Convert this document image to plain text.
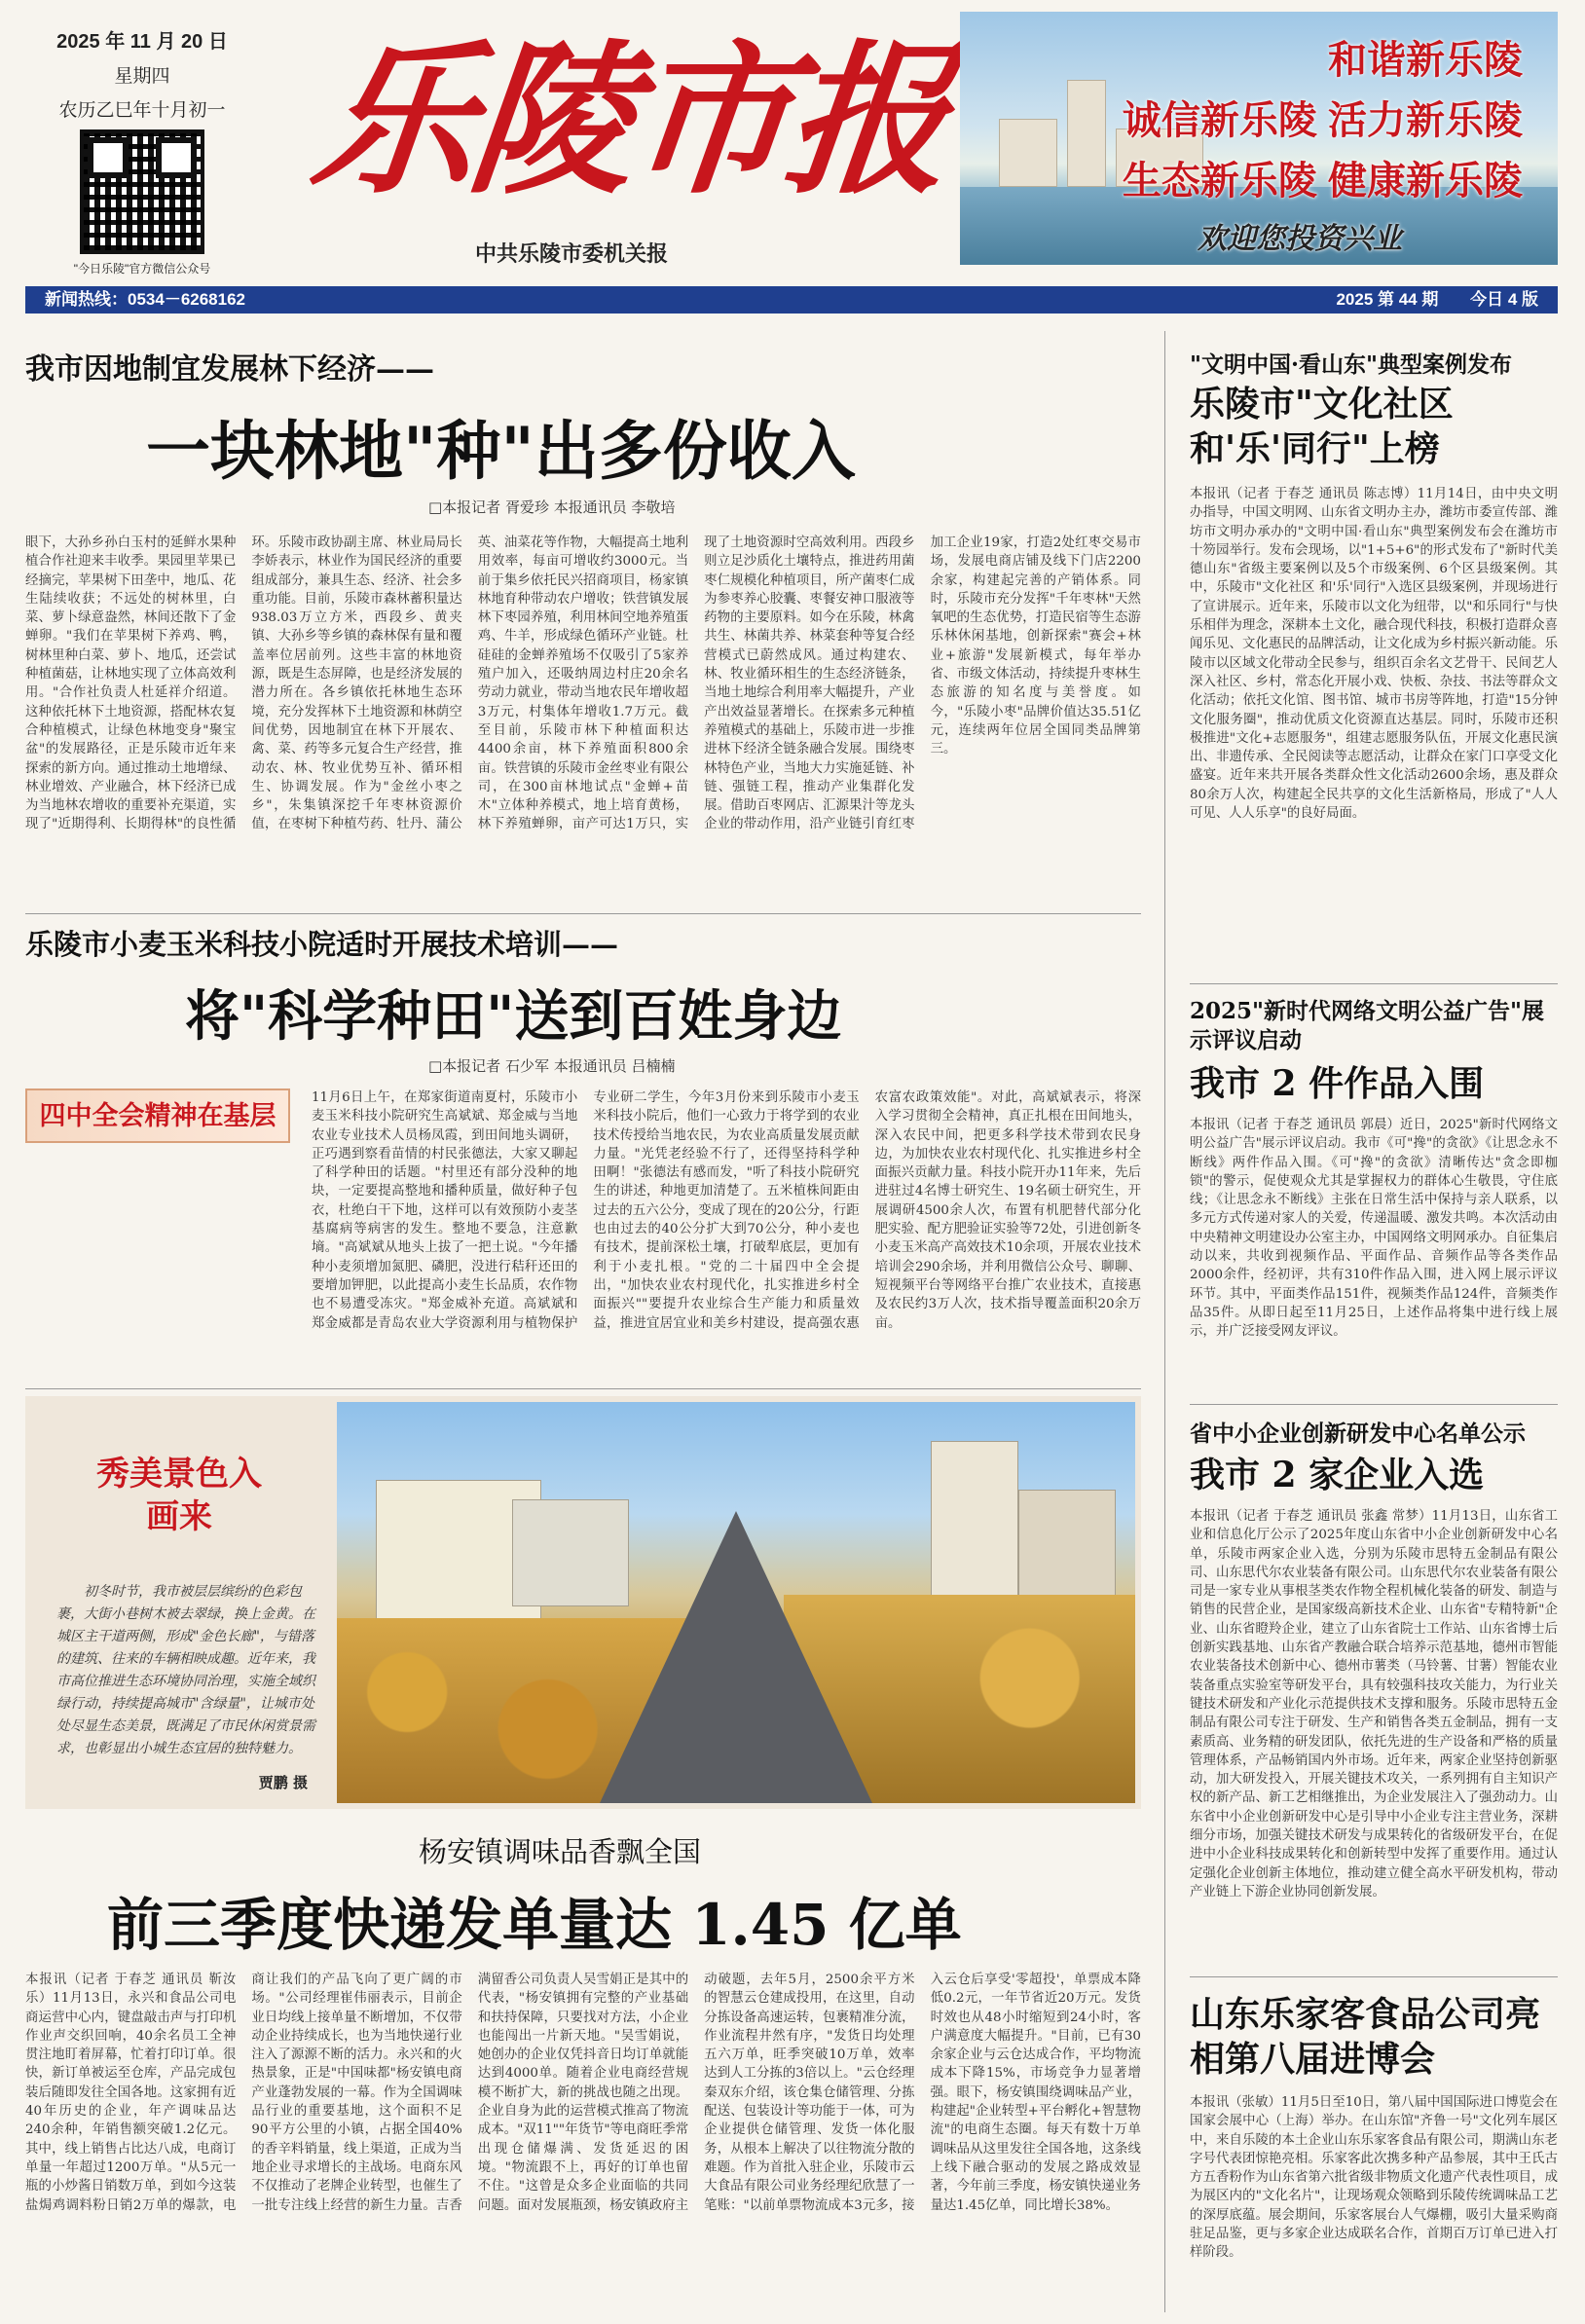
2025 年 11 月 20 日
星期四
农历乙巳年十月初一
"今日乐陵"官方微信公众号
乐陵市报
中共乐陵市委机关报
和谐新乐陵
诚信新乐陵 活力新乐陵
生态新乐陵 健康新乐陵
欢迎您投资兴业
新闻热线：0534－6268162	2025 第 44 期 今日 4 版
我市因地制宜发展林下经济——
一块林地"种"出多份收入
□本报记者 胥爱珍 本报通讯员 李敬培
眼下，大孙乡孙白玉村的延鲜水果种植合作社迎来丰收季。果园里苹果已经摘完，苹果树下田垄中，地瓜、花生陆续收获；不远处的树林里，白菜、萝卜绿意盎然，林间还散下了金蝉卵。"我们在苹果树下养鸡、鸭，树林里种白菜、萝卜、地瓜，还尝试种植菌菇，让林地实现了立体高效利用。"合作社负责人杜延祥介绍道。这种依托林下土地资源，搭配林农复合种植模式，让绿色林地变身"聚宝盆"的发展路径，正是乐陵市近年来探索的新方向。通过推动土地增绿、林业增效、产业融合，林下经济已成为当地林农增收的重要补充渠道，实现了"近期得利、长期得林"的良性循环。乐陵市政协副主席、林业局局长李娇表示，林业作为国民经济的重要组成部分，兼具生态、经济、社会多重功能。目前，乐陵市森林蓄积量达938.03万立方米，西段乡、黄夹镇、大孙乡等乡镇的森林保有量和覆盖率位居前列。这些丰富的林地资源，既是生态屏障，也是经济发展的潜力所在。各乡镇依托林地生态环境，充分发挥林下土地资源和林荫空间优势，因地制宜在林下开展农、禽、菜、药等多元复合生产经营，推动农、林、牧业优势互补、循环相生、协调发展。作为"金丝小枣之乡"，朱集镇深挖千年枣林资源价值，在枣树下种植芍药、牡丹、蒲公英、油菜花等作物，大幅提高土地利用效率，每亩可增收约3000元。当前于集乡依托民兴招商项目，杨家镇林地育种带动农户增收；铁营镇发展林下枣园养殖，利用林间空地养殖蛋鸡、牛羊，形成绿色循环产业链。杜硅硅的金蝉养殖场不仅吸引了5家养殖户加入，还吸纳周边村庄20余名劳动力就业，带动当地农民年增收超3万元，村集体年增收1.7万元。截至目前，乐陵市林下种植面积达4400余亩，林下养殖面积800余亩。铁营镇的乐陵市金丝枣业有限公司，在300亩林地试点"金蝉+苗木"立体种养模式，地上培育黄杨，林下养殖蝉卵，亩产可达1万只，实现了土地资源时空高效利用。西段乡则立足沙质化土壤特点，推进药用菌枣仁规模化种植项目，所产菌枣仁成为参枣养心胶囊、枣餐安神口服液等药物的主要原料。如今在乐陵，林禽共生、林菌共养、林菜套种等复合经营模式已蔚然成风。通过构建农、林、牧业循环相生的生态经济链条，当地土地综合利用率大幅提升，产业产出效益显著增长。在探索多元种植养殖模式的基础上，乐陵市进一步推进林下经济全链条融合发展。围绕枣林特色产业，当地大力实施延链、补链、强链工程，推动产业集群化发展。借助百枣网店、汇源果汁等龙头企业的带动作用，沿产业链引育红枣加工企业19家，打造2处红枣交易市场，发展电商店铺及线下门店2200余家，构建起完善的产销体系。同时，乐陵市充分发挥"千年枣林"天然氧吧的生态优势，打造民宿等生态游乐林休闲基地，创新探索"赛会+林业+旅游"发展新模式，每年举办省、市级文体活动，持续提升枣林生态旅游的知名度与美誉度。如今，"乐陵小枣"品牌价值达35.51亿元，连续两年位居全国同类品牌第三。
乐陵市小麦玉米科技小院适时开展技术培训——
将"科学种田"送到百姓身边
□本报记者 石少军 本报通讯员 吕楠楠
四中全会精神在基层
11月6日上午，在郑家街道南夏村，乐陵市小麦玉米科技小院研究生高斌斌、郑金威与当地农业专业技术人员杨凤霞，到田间地头调研，正巧遇到察看苗情的村民张德法，大家又聊起了科学种田的话题。"村里还有部分没种的地块，一定要提高整地和播种质量，做好种子包衣，杜绝白干下地，这样可以有效预防小麦茎基腐病等病害的发生。整地不要急，注意歉墒。"高斌斌从地头上拔了一把土说。"今年播种小麦须增加氮肥、磷肥，没进行秸秆还田的要增加钾肥，以此提高小麦生长品质，农作物也不易遭受冻灾。"郑金威补充道。高斌斌和郑金威都是青岛农业大学资源利用与植物保护专业研二学生，今年3月份来到乐陵市小麦玉米科技小院后，他们一心致力于将学到的农业技术传授给当地农民，为农业高质量发展贡献力量。"光凭老经验不行了，还得坚持科学种田啊！"张德法有感而发，"听了科技小院研究生的讲述，种地更加清楚了。五米植株间距由过去的五六公分，变成了现在的20公分，行距也由过去的40公分扩大到70公分，种小麦也有技术，提前深松土壤，打破犁底层，更加有利于小麦扎根。"党的二十届四中全会提出，"加快农业农村现代化，扎实推进乡村全面振兴""要提升农业综合生产能力和质量效益，推进宜居宜业和美乡村建设，提高强农惠农富农政策效能"。对此，高斌斌表示，将深入学习贯彻全会精神，真正扎根在田间地头，深入农民中间，把更多科学技术带到农民身边，为加快农业农村现代化、扎实推进乡村全面振兴贡献力量。科技小院开办11年来，先后进驻过4名博士研究生、19名硕士研究生，开展调研4500余人次，布置有机肥替代部分化肥实验、配方肥验证实验等72处，引进创新冬小麦玉米高产高效技术10余项，开展农业技术培训会290余场，并利用微信公众号、聊聊、短视频平台等网络平台推广农业技术，直接惠及农民约3万人次，技术指导覆盖面积20余万亩。
秀美景色入画来
初冬时节，我市被层层缤纷的色彩包裹，大街小巷树木被去翠绿，换上金黄。在城区主干道两侧，形成"金色长廊"，与错落的建筑、往来的车辆相映成趣。近年来，我市高位推进生态环境协同治理，实施全域织绿行动，持续提高城市"含绿量"，让城市处处尽显生态美景，既满足了市民休闲赏景需求，也彰显出小城生态宜居的独特魅力。
贾鹏 摄
杨安镇调味品香飘全国
前三季度快递发单量达 1.45 亿单
本报讯（记者 于春芝 通讯员 靳汝乐）11月13日，永兴和食品公司电商运营中心内，键盘敲击声与打印机作业声交织回响，40余名员工全神贯注地盯着屏幕，忙着打印订单。很快，新订单被运至仓库，产品完成包装后随即发往全国各地。这家拥有近40年历史的企业，年产调味品达240余种，年销售额突破1.2亿元。其中，线上销售占比达八成，电商订单量一年超过1200万单。"从5元一瓶的小炒酱日销数万单，到如今这装盐焗鸡调料粉日销2万单的爆款，电商让我们的产品飞向了更广阔的市场。"公司经理崔伟丽表示，目前企业日均线上接单量不断增加，不仅带动企业持续成长，也为当地快递行业注入了源源不断的活力。永兴和的火热景象，正是"中国味都"杨安镇电商产业蓬勃发展的一幕。作为全国调味品行业的重要基地，这个面积不足90平方公里的小镇，占据全国40%的香辛料销量，线上渠道，正成为当地企业寻求增长的主战场。电商东风不仅推动了老牌企业转型，也催生了一批专注线上经营的新生力量。吉香满留香公司负责人吴雪娟正是其中的代表，"杨安镇拥有完整的产业基础和扶持保障，只要找对方法，小企业也能闯出一片新天地。"吴雪娟说，她创办的企业仅凭抖音日均订单就能达到4000单。随着企业电商经营规模不断扩大，新的挑战也随之出现。企业自身为此的运营模式推高了物流成本。"双11""年货节"等电商旺季常出现仓储爆满、发货延迟的困境。"物流跟不上，再好的订单也留不住。"这曾是众多企业面临的共同问题。面对发展瓶颈，杨安镇政府主动破题，去年5月，2500余平方米的智慧云仓建成投用，在这里，自动分拣设备高速运转，包裹精准分流，作业流程井然有序，"发货日均处理五六万单，旺季突破10万单，效率达到人工分拣的3倍以上。"云仓经理秦双东介绍，该仓集仓储管理、分拣配送、包装设计等功能于一体，可为企业提供仓储管理、发货一体化服务，从根本上解决了以往物流分散的难题。作为首批入驻企业，乐陵市云大食品有限公司业务经理纪欣慧了一笔账："以前单票物流成本3元多，接入云仓后享受'零超投'，单票成本降低0.2元，一年节省近20万元。发货时效也从48小时缩短到24小时，客户满意度大幅提升。"目前，已有30余家企业与云仓达成合作，平均物流成本下降15%，市场竞争力显著增强。眼下，杨安镇围绕调味品产业，构建起"企业转型+平台孵化+智慧物流"的电商生态圈。每天有数十万单调味品从这里发往全国各地，这条线上线下融合驱动的发展之路成效显著，今年前三季度，杨安镇快递业务量达1.45亿单，同比增长38%。
"文明中国·看山东"典型案例发布
乐陵市"文化社区和'乐'同行"上榜
本报讯（记者 于春芝 通讯员 陈志博）11月14日，由中央文明办指导，中国文明网、山东省文明办主办，潍坊市委宣传部、潍坊市文明办承办的"文明中国·看山东"典型案例发布会在潍坊市十笏园举行。发布会现场，以"1+5+6"的形式发布了"新时代美德山东"省级主要案例以及5个市级案例、6个区县级案例。其中，乐陵市"文化社区 和'乐'同行"入选区县级案例，并现场进行了宣讲展示。近年来，乐陵市以文化为纽带，以"和乐同行"与快乐相伴为理念，深耕本土文化，融合现代科技，积极打造群众喜闻乐见、文化惠民的品牌活动，让文化成为乡村振兴新动能。乐陵市以区域文化带动全民参与，组织百余名文艺骨干、民间艺人深入社区、乡村，常态化开展小戏、快板、杂技、书法等群众文化活动；依托文化馆、图书馆、城市书房等阵地，打造"15分钟文化服务圈"，推动优质文化资源直达基层。同时，乐陵市还积极推进"文化+志愿服务"，组建志愿服务队伍，开展文化惠民演出、非遗传承、全民阅读等志愿活动，让群众在家门口享受文化盛宴。近年来共开展各类群众性文化活动2600余场，惠及群众80余万人次，构建起全民共享的文化生活新格局，形成了"人人可见、人人乐享"的良好局面。
2025"新时代网络文明公益广告"展示评议启动
我市 2 件作品入围
本报讯（记者 于春芝 通讯员 郭晨）近日，2025"新时代网络文明公益广告"展示评议启动。我市《可"搀"的贪欲》《让思念永不断线》两件作品入围。《可"搀"的贪欲》清晰传达"贪念即枷锁"的警示，促使观众尤其是掌握权力的群体心生敬畏，守住底线；《让思念永不断线》主张在日常生活中保持与亲人联系，以多元方式传递对家人的关爱，传递温暖、激发共鸣。本次活动由中央精神文明建设办公室主办，中国网络文明网承办。自征集启动以来，共收到视频作品、平面作品、音频作品等各类作品2000余件，经初评，共有310件作品入围，进入网上展示评议环节。其中，平面类作品151件，视频类作品124件，音频类作品35件。从即日起至11月25日，上述作品将集中进行线上展示，并广泛接受网友评议。
省中小企业创新研发中心名单公示
我市 2 家企业入选
本报讯（记者 于春芝 通讯员 张鑫 常梦）11月13日，山东省工业和信息化厅公示了2025年度山东省中小企业创新研发中心名单，乐陵市两家企业入选，分别为乐陵市思特五金制品有限公司、山东思代尔农业装备有限公司。山东思代尔农业装备有限公司是一家专业从事根茎类农作物全程机械化装备的研发、制造与销售的民营企业，是国家级高新技术企业、山东省"专精特新"企业、山东省瞪羚企业，建立了山东省院士工作站、山东省博士后创新实践基地、山东省产教融合联合培养示范基地，德州市智能农业装备技术创新中心、德州市薯类（马铃薯、甘薯）智能农业装备重点实验室等研发平台，具有较强科技攻关能力，为行业关键技术研发和产业化示范提供技术支撑和服务。乐陵市思特五金制品有限公司专注于研发、生产和销售各类五金制品，拥有一支素质高、业务精的研发团队，依托先进的生产设备和严格的质量管理体系，产品畅销国内外市场。近年来，两家企业坚持创新驱动，加大研发投入，开展关键技术攻关，一系列拥有自主知识产权的新产品、新工艺相继推出，为企业发展注入了强劲动力。山东省中小企业创新研发中心是引导中小企业专注主营业务，深耕细分市场，加强关键技术研发与成果转化的省级研发平台，在促进中小企业科技成果转化和创新转型中发挥了重要作用。通过认定强化企业创新主体地位，推动建立健全高水平研发机构，带动产业链上下游企业协同创新发展。
山东乐家客食品公司亮相第八届进博会
本报讯（张敏）11月5日至10日，第八届中国国际进口博览会在国家会展中心（上海）举办。在山东馆"齐鲁一号"文化列车展区中，来自乐陵的本土企业山东乐家客食品有限公司，期满山东老字号代表团惊艳亮相。乐家客此次携多种产品参展，其中王氏古方五香粉作为山东省第六批省级非物质文化遗产代表性项目，成为展区内的"文化名片"，让现场观众领略到乐陵传统调味品工艺的深厚底蕴。展会期间，乐家客展台人气爆棚，吸引大量采购商驻足品鉴，更与多家企业达成联名合作，首期百万订单已进入打样阶段。
